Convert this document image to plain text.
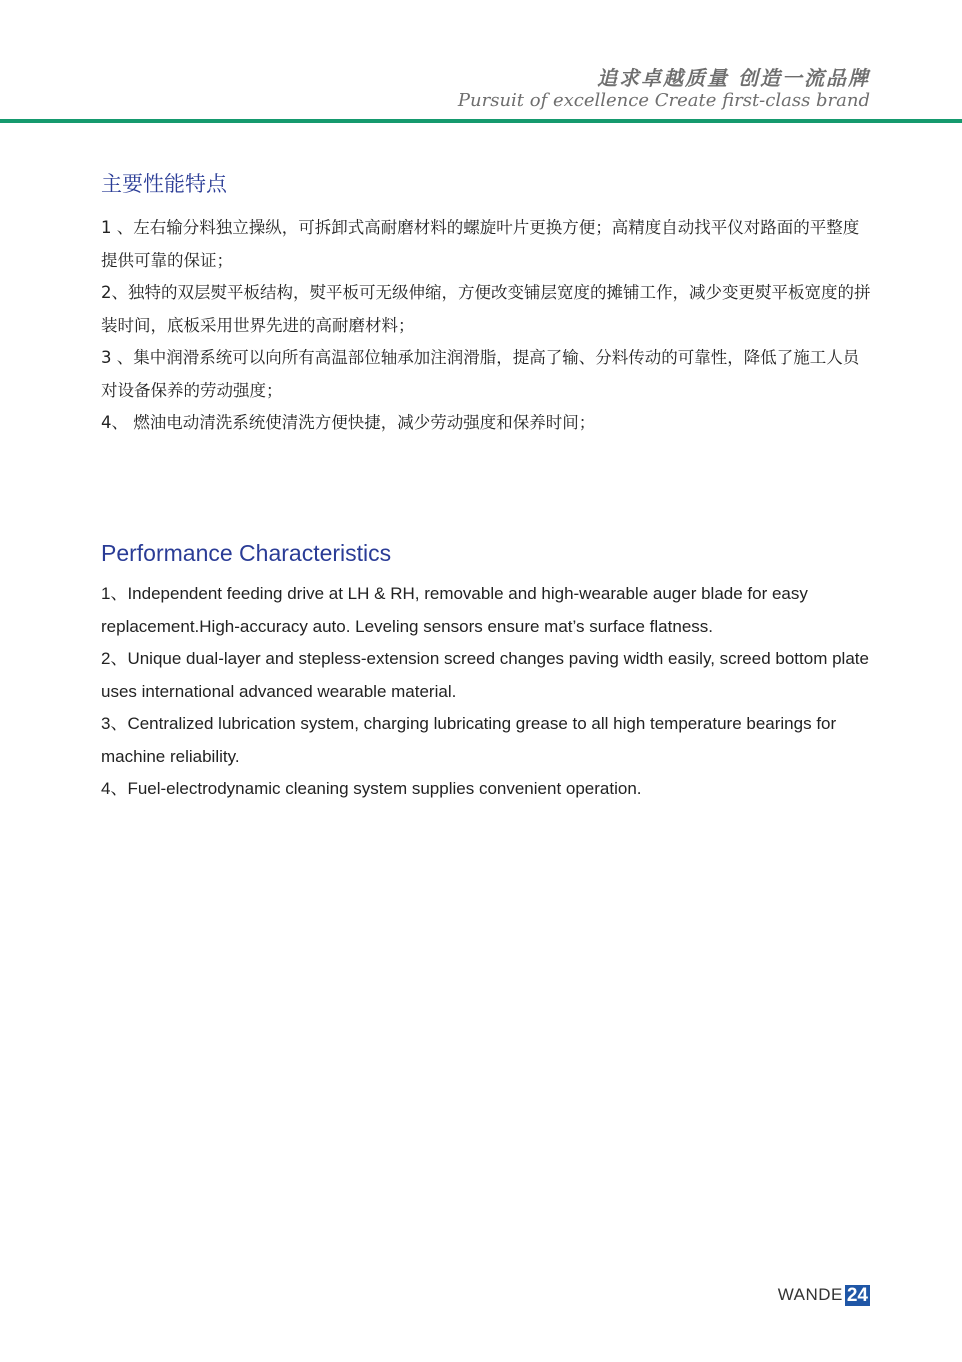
追求卓越质量 创造一流品牌
Pursuit of excellence Create first-class brand
主要性能特点
1 、左右输分料独立操纵，可拆卸式高耐磨材料的螺旋叶片更换方便；高精度自动找平仪对路面的平整度提供可靠的保证；
2、独特的双层熨平板结构，熨平板可无级伸缩，方便改变铺层宽度的摊铺工作，减少变更熨平板宽度的拼装时间，底板采用世界先进的高耐磨材料；
3 、集中润滑系统可以向所有高温部位轴承加注润滑脂，提高了输、分料传动的可靠性，降低了施工人员对设备保养的劳动强度；
4、 燃油电动清洗系统使清洗方便快捷，减少劳动强度和保养时间；
Performance Characteristics
1、Independent feeding drive at LH & RH, removable and high-wearable auger blade for easy replacement.High-accuracy auto. Leveling sensors ensure mat’s surface flatness.
2、Unique dual-layer and stepless-extension screed changes paving width easily, screed bottom plate uses international advanced wearable material.
3、Centralized lubrication system, charging lubricating grease to all high temperature bearings for machine reliability.
4、Fuel-electrodynamic cleaning system supplies convenient operation.
WANDE 24
